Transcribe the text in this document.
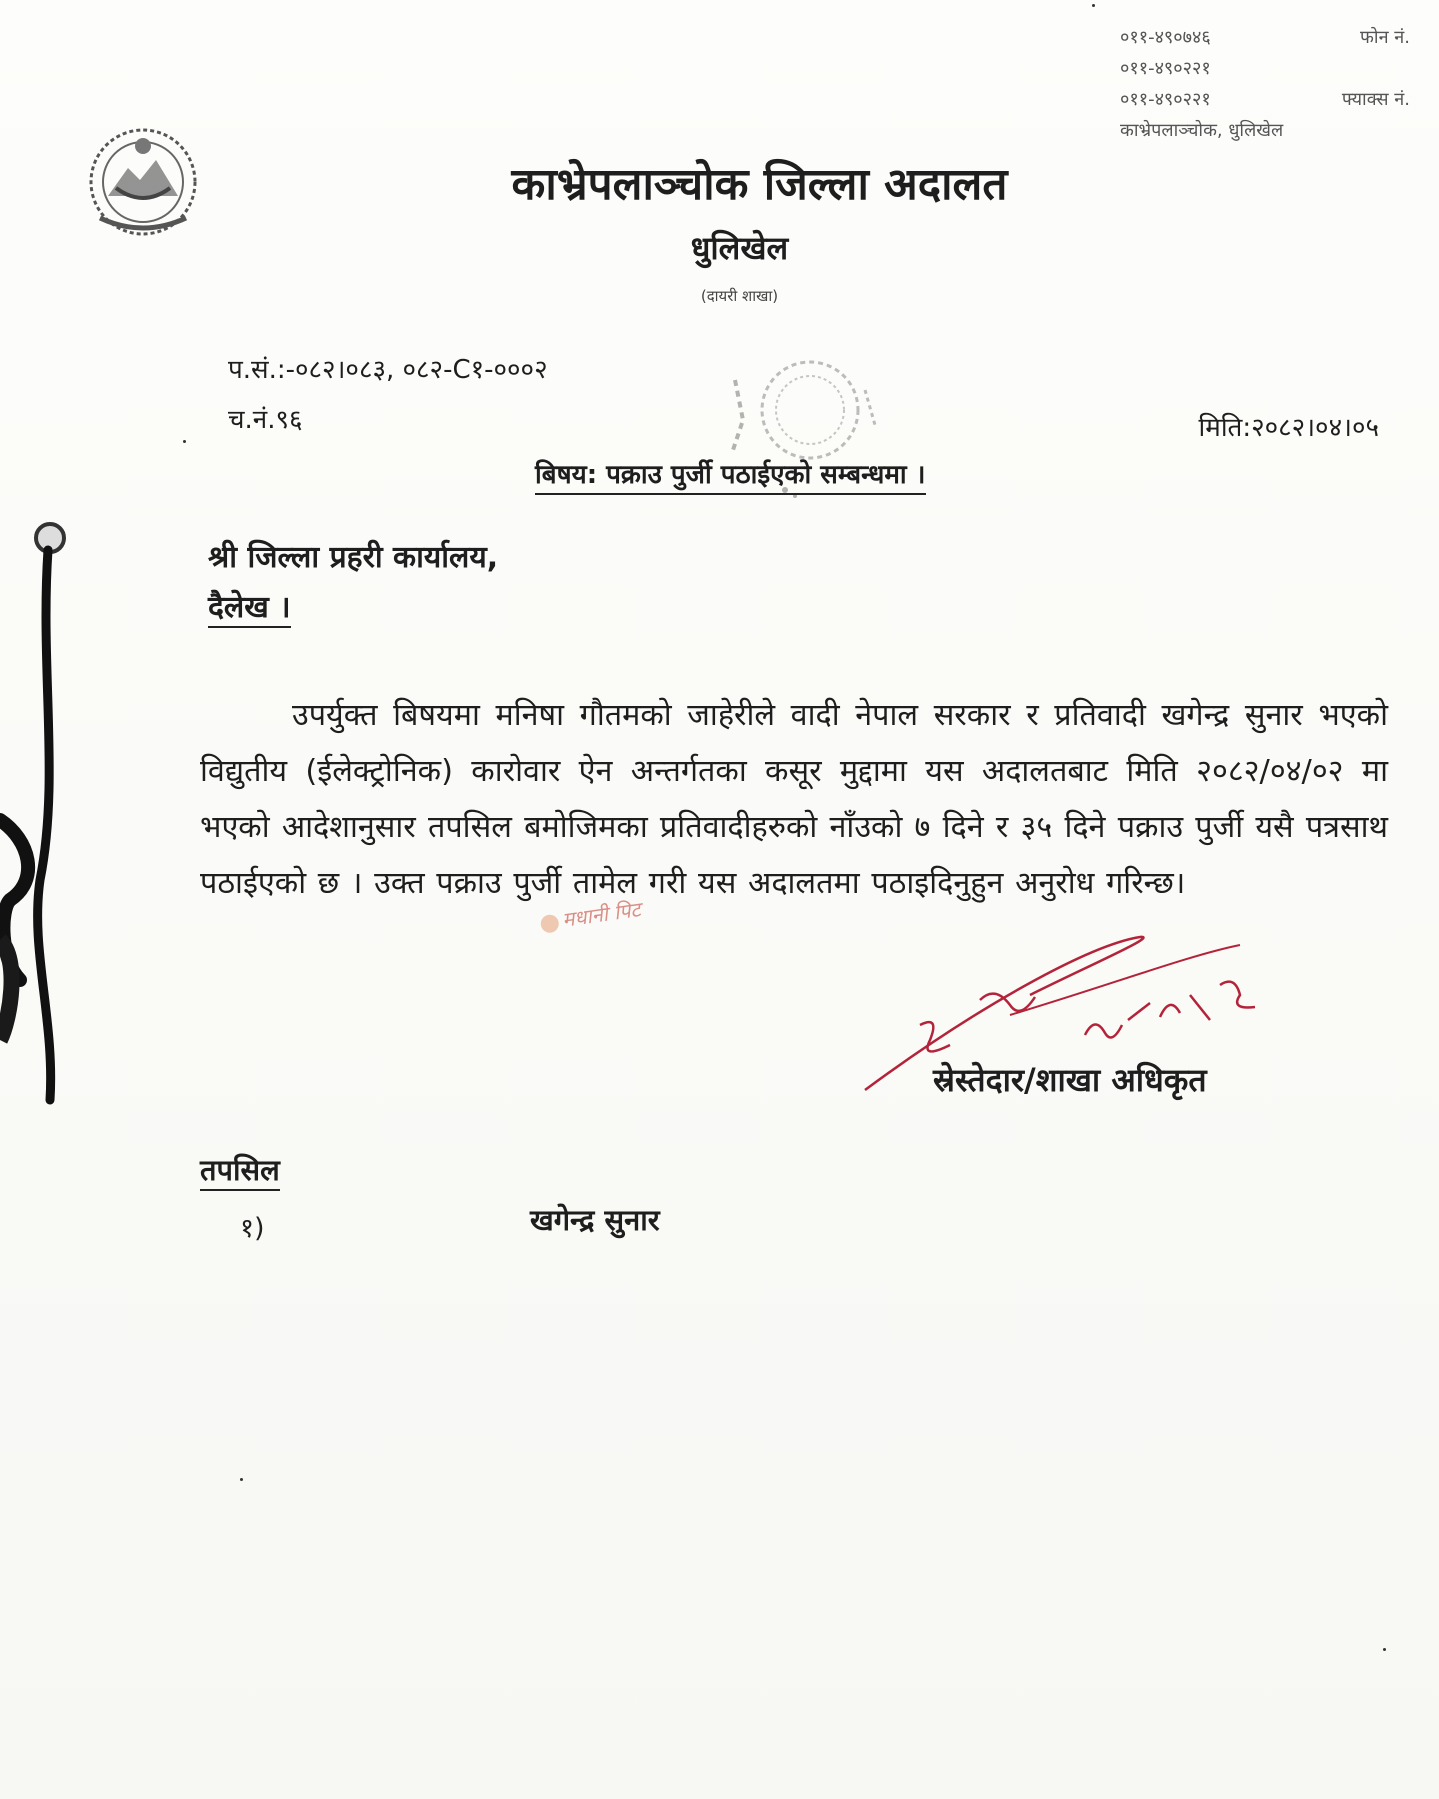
०११-४९०७४६	फोन नं.
०११-४९०२२१
०११-४९०२२१	फ्याक्स नं.
काभ्रेपलाञ्चोक, धुलिखेल
काभ्रेपलाञ्चोक जिल्ला अदालत
धुलिखेल
(दायरी शाखा)
प.सं.:-०८२।०८३, ०८२-C१-०००२
च.नं.९६	मिति:२०८२।०४।०५
बिषय: पक्राउ पुर्जी पठाईएको सम्बन्धमा ।
श्री जिल्ला प्रहरी कार्यालय,
दैलेख ।
उपर्युक्त बिषयमा मनिषा गौतमको जाहेरीले वादी नेपाल सरकार र प्रतिवादी खगेन्द्र सुनार भएको विद्युतीय (ईलेक्ट्रोनिक) कारोवार ऐन अन्तर्गतका कसूर मुद्दामा यस अदालतबाट मिति २०८२/०४/०२ मा भएको आदेशानुसार तपसिल बमोजिमका प्रतिवादीहरुको नाँउको ७ दिने र ३५ दिने पक्राउ पुर्जी यसै पत्रसाथ पठाईएको छ । उक्त पक्राउ पुर्जी तामेल गरी यस अदालतमा पठाइदिनुहुन अनुरोध गरिन्छ।
मधानी पिट
स्रेस्तेदार/शाखा अधिकृत
तपसिल
१)	खगेन्द्र सुनार
